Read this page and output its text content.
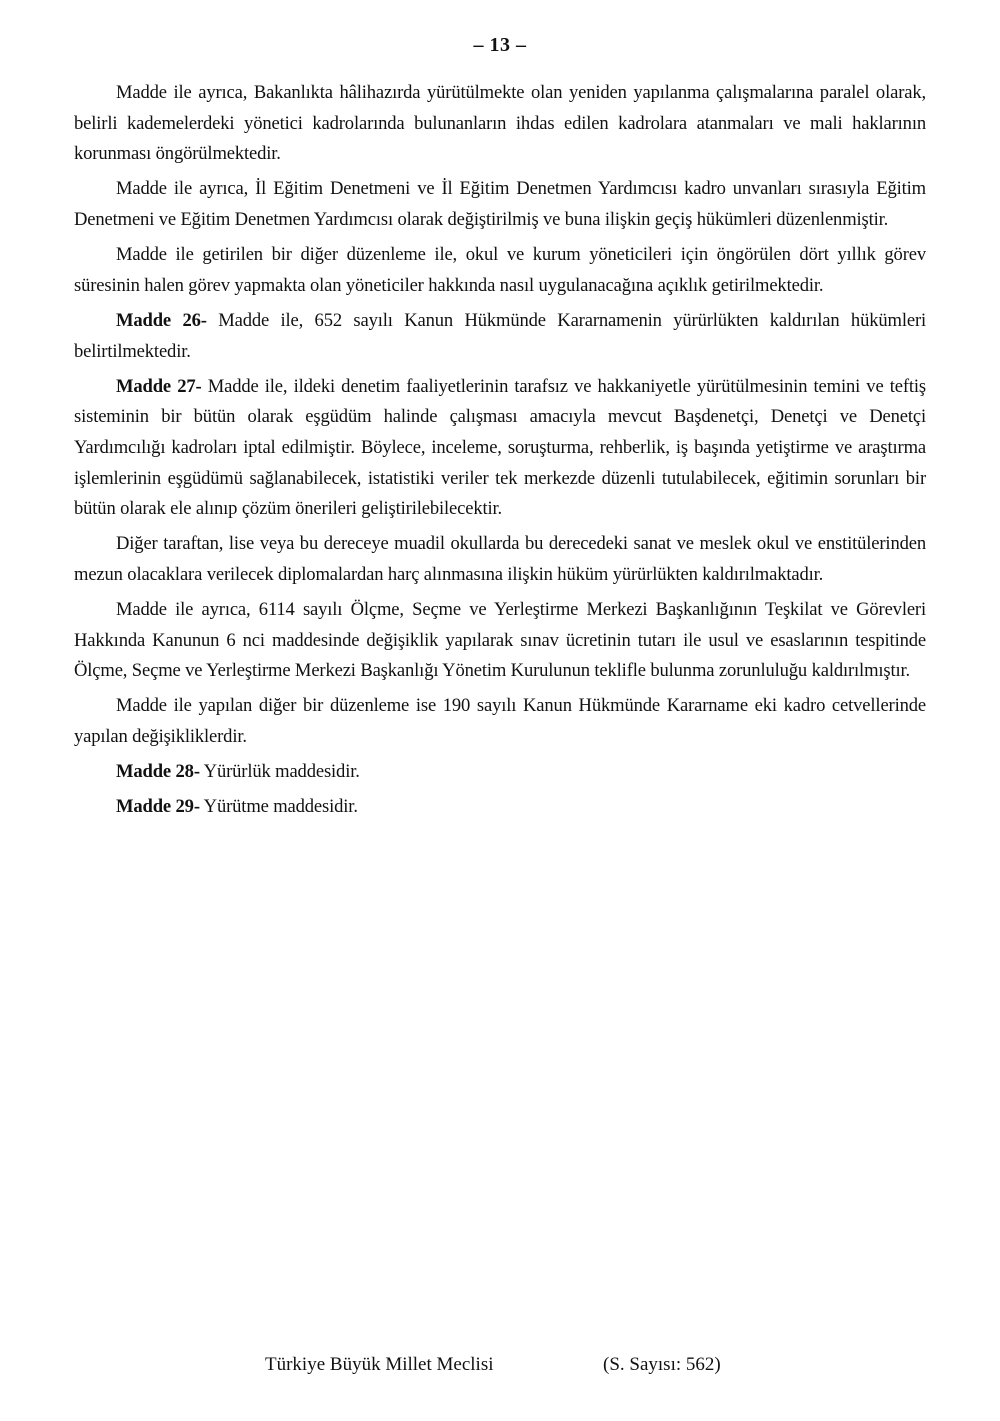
– 13 –

Madde ile ayrıca, Bakanlıkta hâlihazırda yürütülmekte olan yeniden yapılanma çalışmalarına paralel olarak, belirli kademelerdeki yönetici kadrolarında bulunanların ihdas edilen kadrolara atanmaları ve mali haklarının korunması öngörülmektedir.

Madde ile ayrıca, İl Eğitim Denetmeni ve İl Eğitim Denetmen Yardımcısı kadro unvanları sırasıyla Eğitim Denetmeni ve Eğitim Denetmen Yardımcısı olarak değiştirilmiş ve buna ilişkin geçiş hükümleri düzenlenmiştir.

Madde ile getirilen bir diğer düzenleme ile, okul ve kurum yöneticileri için öngörülen dört yıllık görev süresinin halen görev yapmakta olan yöneticiler hakkında nasıl uygulanacağına açıklık getirilmektedir.

Madde 26- Madde ile, 652 sayılı Kanun Hükmünde Kararnamenin yürürlükten kaldırılan hükümleri belirtilmektedir.

Madde 27- Madde ile, ildeki denetim faaliyetlerinin tarafsız ve hakkaniyetle yürütülmesinin temini ve teftiş sisteminin bir bütün olarak eşgüdüm halinde çalışması amacıyla mevcut Başdenetçi, Denetçi ve Denetçi Yardımcılığı kadroları iptal edilmiştir. Böylece, inceleme, soruşturma, rehberlik, iş başında yetiştirme ve araştırma işlemlerinin eşgüdümü sağlanabilecek, istatistiki veriler tek merkezde düzenli tutulabilecek, eğitimin sorunları bir bütün olarak ele alınıp çözüm önerileri geliştirilebilecektir.

Diğer taraftan, lise veya bu dereceye muadil okullarda bu derecedeki sanat ve meslek okul ve enstitülerinden mezun olacaklara verilecek diplomalardan harç alınmasına ilişkin hüküm yürürlükten kaldırılmaktadır.

Madde ile ayrıca, 6114 sayılı Ölçme, Seçme ve Yerleştirme Merkezi Başkanlığının Teşkilat ve Görevleri Hakkında Kanunun 6 nci maddesinde değişiklik yapılarak sınav ücretinin tutarı ile usul ve esaslarının tespitinde Ölçme, Seçme ve Yerleştirme Merkezi Başkanlığı Yönetim Kurulunun teklifle bulunma zorunluluğu kaldırılmıştır.

Madde ile yapılan diğer bir düzenleme ise 190 sayılı Kanun Hükmünde Kararname eki kadro cetvellerinde yapılan değişikliklerdir.

Madde 28- Yürürlük maddesidir.

Madde 29- Yürütme maddesidir.

Türkiye Büyük Millet Meclisi	(S. Sayısı: 562)
